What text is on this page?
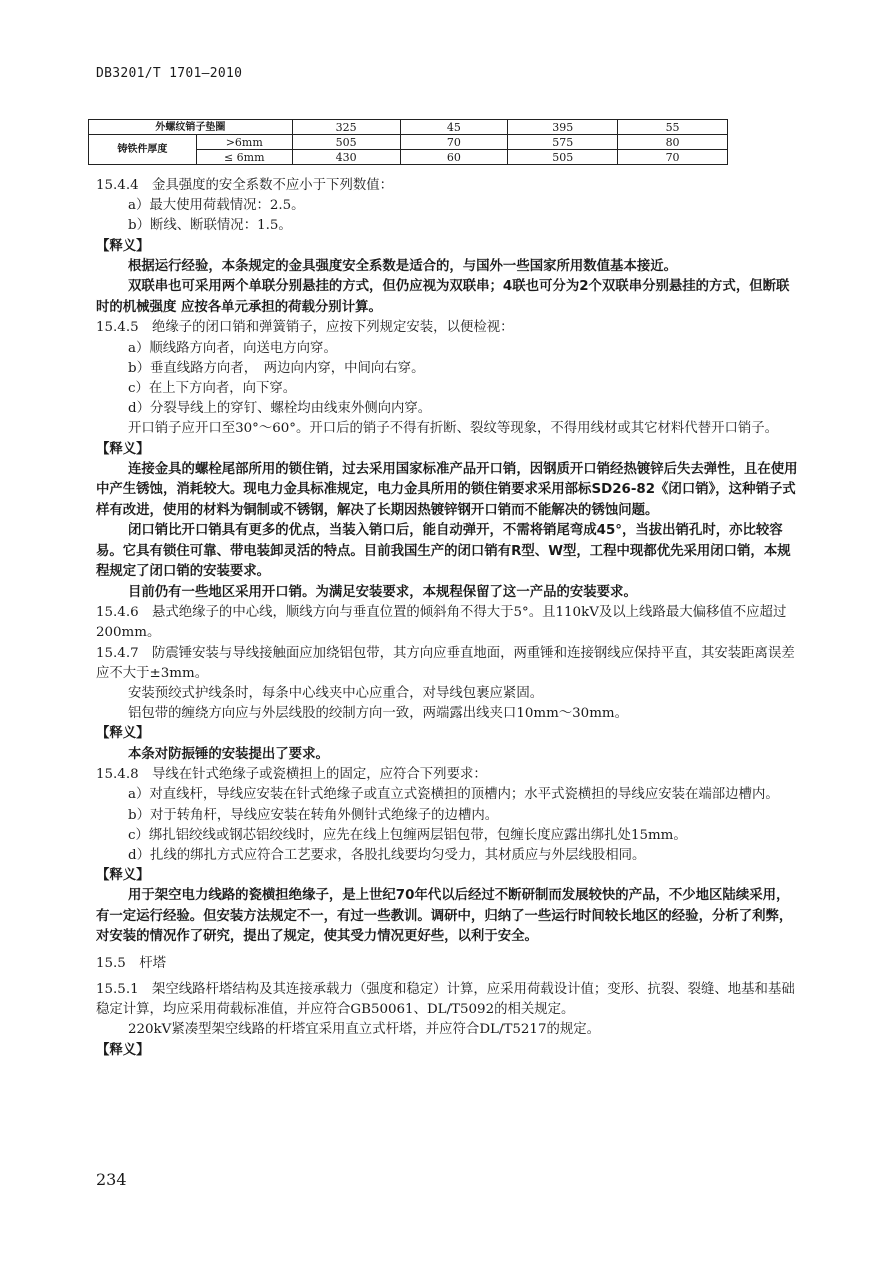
DB3201/T 1701—2010
外螺纹销子垫圈		325	45	395	55
铸铁件厚度	>6mm	505	70	575	80
	≤ 6mm	430	60	505	70

15.4.4　金具强度的安全系数不应小于下列数值：

a）最大使用荷载情况：2.5。

b）断线、断联情况：1.5。

【释义】

根据运行经验，本条规定的金具强度安全系数是适合的，与国外一些国家所用数值基本接近。

双联串也可采用两个单联分别悬挂的方式，但仍应视为双联串；4联也可分为2个双联串分别悬挂的方式，但断联时的机械强度 应按各单元承担的荷载分别计算。

15.4.5　绝缘子的闭口销和弹簧销子，应按下列规定安装，以便检视：

a）顺线路方向者，向送电方向穿。

b）垂直线路方向者，　两边向内穿，中间向右穿。

c）在上下方向者，向下穿。

d）分裂导线上的穿钉、螺栓均由线束外侧向内穿。

开口销子应开口至30°～60°。开口后的销子不得有折断、裂纹等现象，不得用线材或其它材料代替开口销子。

【释义】

连接金具的螺栓尾部所用的锁住销，过去采用国家标准产品开口销，因钢质开口销经热镀锌后失去弹性，且在使用中产生锈蚀，消耗较大。现电力金具标准规定，电力金具所用的锁住销要求采用部标SD26-82《闭口销》，这种销子式样有改进，使用的材料为铜制或不锈钢，解决了长期因热镀锌钢开口销而不能解决的锈蚀问题。

闭口销比开口销具有更多的优点，当装入销口后，能自动弹开，不需将销尾弯成45°，当拔出销孔时，亦比较容易。它具有锁住可靠、带电装卸灵活的特点。目前我国生产的闭口销有R型、W型，工程中现都优先采用闭口销，本规程规定了闭口销的安装要求。

目前仍有一些地区采用开口销。为满足安装要求，本规程保留了这一产品的安装要求。

15.4.6　悬式绝缘子的中心线，顺线方向与垂直位置的倾斜角不得大于5°。且110kV及以上线路最大偏移值不应超过200mm。

15.4.7　防震锤安装与导线接触面应加绕铝包带，其方向应垂直地面，两重锤和连接钢线应保持平直，其安装距离误差应不大于±3mm。

安装预绞式护线条时，每条中心线夹中心应重合，对导线包裹应紧固。

铝包带的缠绕方向应与外层线股的绞制方向一致，两端露出线夹口10mm～30mm。

【释义】

本条对防振锤的安装提出了要求。

15.4.8　导线在针式绝缘子或瓷横担上的固定，应符合下列要求：

a）对直线杆，导线应安装在针式绝缘子或直立式瓷横担的顶槽内；水平式瓷横担的导线应安装在端部边槽内。

b）对于转角杆，导线应安装在转角外侧针式绝缘子的边槽内。

c）绑扎铝绞线或钢芯铝绞线时，应先在线上包缠两层铝包带，包缠长度应露出绑扎处15mm。

d）扎线的绑扎方式应符合工艺要求，各股扎线要均匀受力，其材质应与外层线股相同。

【释义】

用于架空电力线路的瓷横担绝缘子，是上世纪70年代以后经过不断研制而发展较快的产品，不少地区陆续采用，有一定运行经验。但安装方法规定不一，有过一些教训。调研中，归纳了一些运行时间较长地区的经验，分析了利弊，对安装的情况作了研究，提出了规定，使其受力情况更好些，以利于安全。

15.5　杆塔

15.5.1　架空线路杆塔结构及其连接承载力（强度和稳定）计算，应采用荷载设计值；变形、抗裂、裂缝、地基和基础稳定计算，均应采用荷载标准值，并应符合GB50061、DL/T5092的相关规定。

220kV紧凑型架空线路的杆塔宜采用直立式杆塔，并应符合DL/T5217的规定。

【释义】

234
